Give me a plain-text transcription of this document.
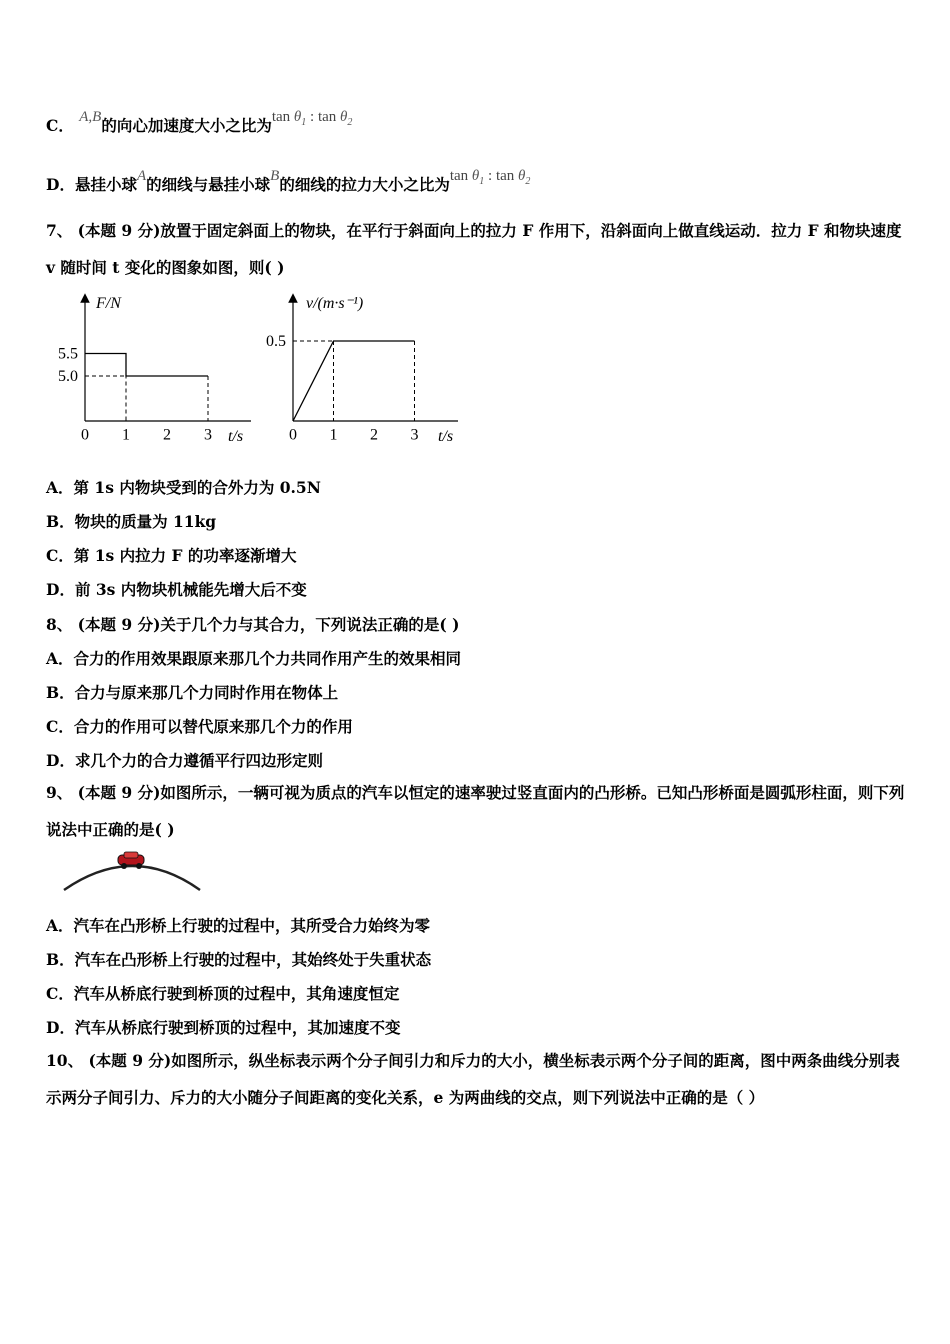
C． A,B的向心加速度大小之比为$\tan \theta_1$ : $\tan \theta_2$
D．悬挂小球A的细线与悬挂小球B的细线的拉力大小之比为$\tan \theta_1$ : $\tan \theta_2$
7、 (本题 9 分)放置于固定斜面上的物块，在平行于斜面向上的拉力 F 作用下，沿斜面向上做直线运动．拉力 F 和物块速度 v 随时间 t 变化的图象如图，则( )
F/N
t/s
0 1 2 3
5.5
5.0
v/(m·s⁻¹)
t/s
0 1 2 3
0.5
A．第 1s 内物块受到的合外力为 0.5N
B．物块的质量为 11kg
C．第 1s 内拉力 F 的功率逐渐增大
D．前 3s 内物块机械能先增大后不变
8、 (本题 9 分)关于几个力与其合力，下列说法正确的是( )
A．合力的作用效果跟原来那几个力共同作用产生的效果相同
B．合力与原来那几个力同时作用在物体上
C．合力的作用可以替代原来那几个力的作用
D．求几个力的合力遵循平行四边形定则
9、 (本题 9 分)如图所示，一辆可视为质点的汽车以恒定的速率驶过竖直面内的凸形桥。已知凸形桥面是圆弧形柱面，则下列说法中正确的是( )
A．汽车在凸形桥上行驶的过程中，其所受合力始终为零
B．汽车在凸形桥上行驶的过程中，其始终处于失重状态
C．汽车从桥底行驶到桥顶的过程中，其角速度恒定
D．汽车从桥底行驶到桥顶的过程中，其加速度不变
10、 (本题 9 分)如图所示，纵坐标表示两个分子间引力和斥力的大小，横坐标表示两个分子间的距离，图中两条曲线分别表示两分子间引力、斥力的大小随分子间距离的变化关系，e 为两曲线的交点，则下列说法中正确的是（ ）
